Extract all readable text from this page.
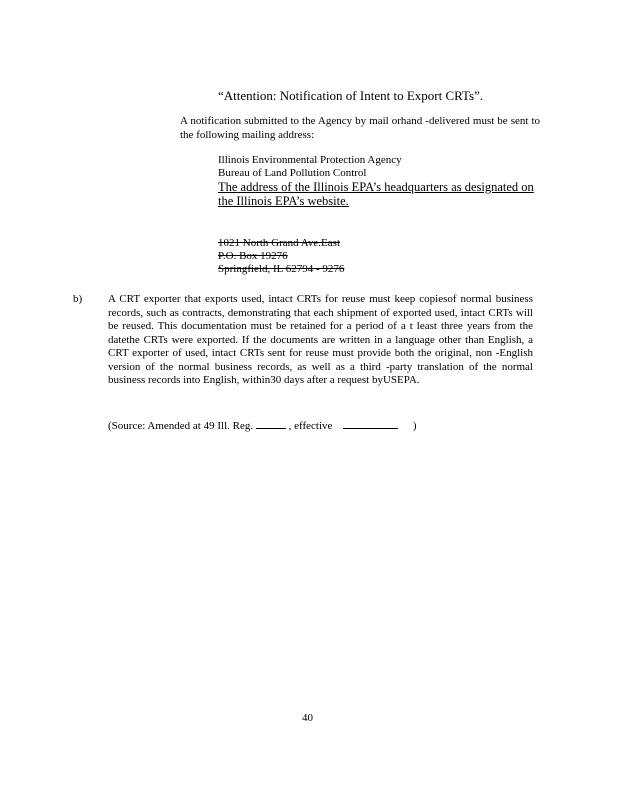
“Attention: Notification of Intent to Export CRTs”.
A notification submitted to the Agency by mail orhand -delivered must be sent to the following mailing address:
Illinois Environmental Protection Agency
Bureau of Land Pollution Control
The address of the Illinois EPA’s headquarters as designated on the Illinois EPA’s website.
1021 North Grand Ave.East
P.O. Box 19276
Springfield, IL 62794 - 9276
b) A CRT exporter that exports used, intact CRTs for reuse must keep copiesof normal business records, such as contracts, demonstrating that each shipment of exported used, intact CRTs will be reused. This documentation must be retained for a period of a t least three years from the datethe CRTs were exported. If the documents are written in a language other than English, a CRT exporter of used, intact CRTs sent for reuse must provide both the original, non -English version of the normal business records, as well as a third -party translation of the normal business records into English, within30 days after a request byUSEPA.
(Source: Amended at 49 Ill. Reg.	, effective	)
40
